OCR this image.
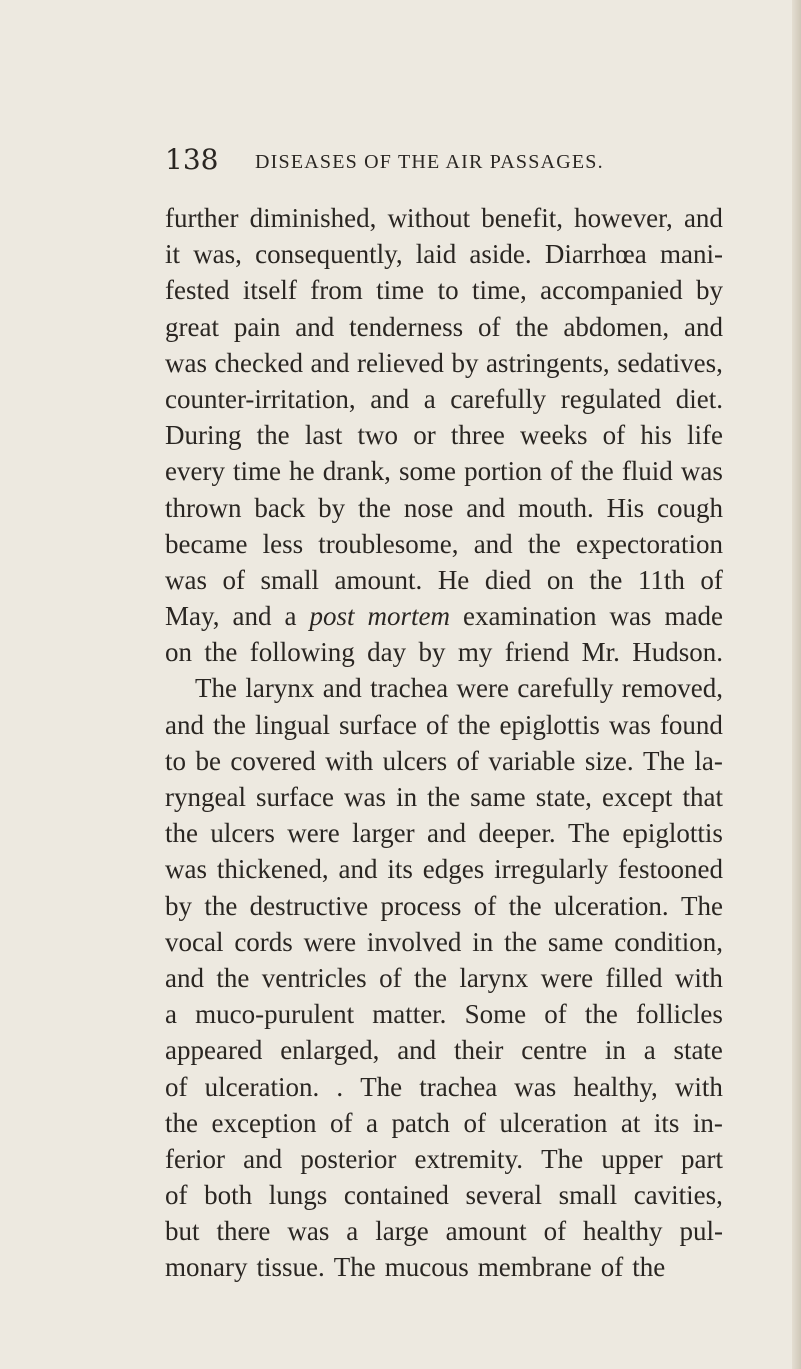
138 DISEASES OF THE AIR PASSAGES.
further diminished, without benefit, however, and
it was, consequently, laid aside. Diarrhœa mani-
fested itself from time to time, accompanied by
great pain and tenderness of the abdomen, and
was checked and relieved by astringents, sedatives,
counter-irritation, and a carefully regulated diet.
During the last two or three weeks of his life
every time he drank, some portion of the fluid was
thrown back by the nose and mouth. His cough
became less troublesome, and the expectoration
was of small amount. He died on the 11th of
May, and a post mortem examination was made
on the following day by my friend Mr. Hudson.
The larynx and trachea were carefully removed,
and the lingual surface of the epiglottis was found
to be covered with ulcers of variable size. The la-
ryngeal surface was in the same state, except that
the ulcers were larger and deeper. The epiglottis
was thickened, and its edges irregularly festooned
by the destructive process of the ulceration. The
vocal cords were involved in the same condition,
and the ventricles of the larynx were filled with
a muco-purulent matter. Some of the follicles
appeared enlarged, and their centre in a state
of ulceration. . The trachea was healthy, with
the exception of a patch of ulceration at its in-
ferior and posterior extremity. The upper part
of both lungs contained several small cavities,
but there was a large amount of healthy pul-
monary tissue. The mucous membrane of the
